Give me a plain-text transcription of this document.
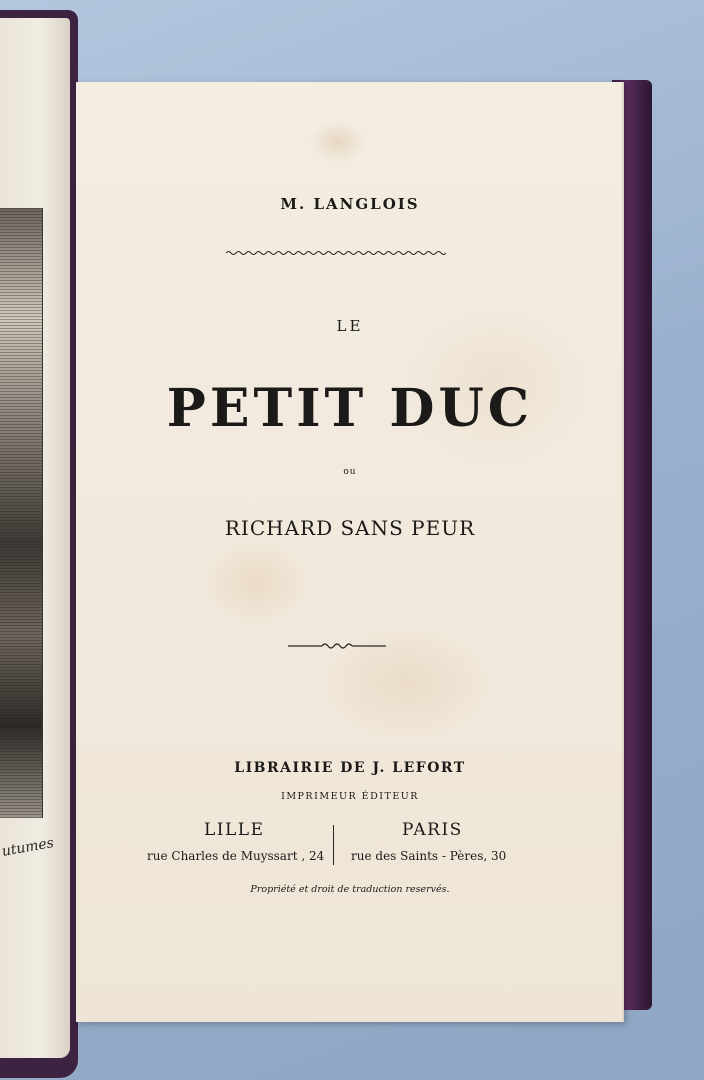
utumes
M. LANGLOIS
LE
PETIT DUC
ou
RICHARD SANS PEUR
LIBRAIRIE DE J. LEFORT
IMPRIMEUR ÉDITEUR
LILLE	PARIS
rue Charles de Muyssart , 24 rue des Saints - Pères, 30
Propriété et droit de traduction reservés.
